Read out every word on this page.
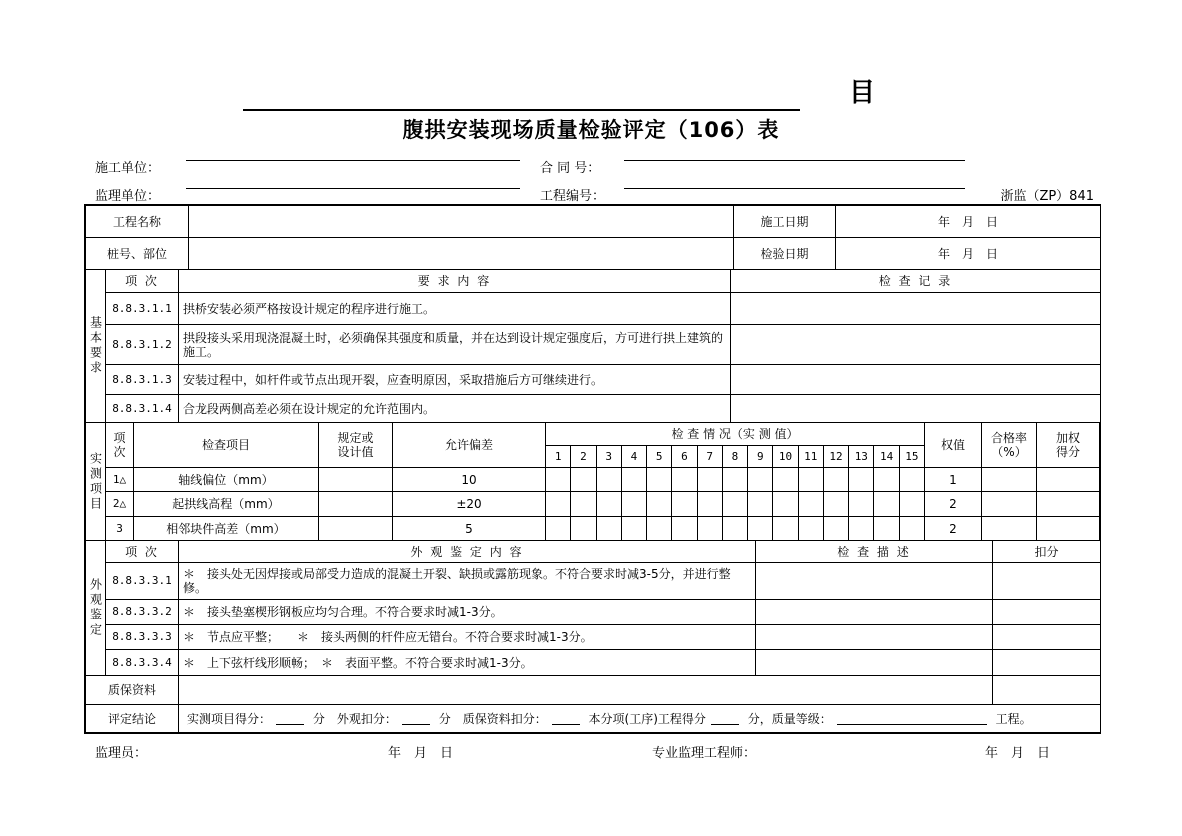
目
腹拱安装现场质量检验评定（106）表
施工单位：	合 同 号：
监理单位：	工程编号：	浙监（ZP）841
工程名称		施工日期	年　月　日
桩号、部位		检验日期	年　月　日
基本要求	项 次	要 求 内 容	检 查 记 录
	8.8.3.1.1	拱桥安装必须严格按设计规定的程序进行施工。	
	8.8.3.1.2	拱段接头采用现浇混凝土时，必须确保其强度和质量，并在达到设计规定强度后，方可进行拱上建筑的施工。	
	8.8.3.1.3	安装过程中，如杆件或节点出现开裂，应查明原因，采取措施后方可继续进行。	
	8.8.3.1.4	合龙段两侧高差必须在设计规定的允许范围内。	
实测项目	项次	检查项目	规定或设计值	允许偏差	检 查 情 况（实 测 值）															权值	合格率（%）	加权得分
					1	2	3	4	5	6	7	8	9	10	11	12	13	14	15			
	1△	轴线偏位（mm）		10																1		
	2△	起拱线高程（mm）		±20																2		
	3	相邻块件高差（mm）		5																2		
外观鉴定	项 次	外 观 鉴 定 内 容	检 查 描 述	扣分
	8.8.3.3.1	＊　接头处无因焊接或局部受力造成的混凝土开裂、缺损或露筋现象。不符合要求时减3-5分，并进行整修。		
	8.8.3.3.2	＊　接头垫塞楔形钢板应均匀合理。不符合要求时减1-3分。		
	8.8.3.3.3	＊　节点应平整；　　＊　接头两侧的杆件应无错台。不符合要求时减1-3分。		
	8.8.3.3.4	＊　上下弦杆线形顺畅；　＊　表面平整。不符合要求时减1-3分。		
质保资料		
评定结论	实测项目得分： 分　外观扣分： 分　质保资料扣分： 本分项(工序)工程得分 分，质量等级： 工程。	
监理员：	年　月　日	专业监理工程师：	年　月　日
